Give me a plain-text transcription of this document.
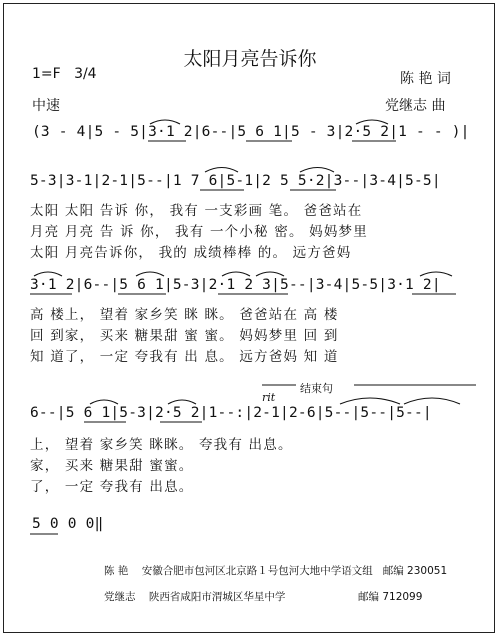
太阳月亮告诉你
1=F 3/4
中速
陈 艳 词
党继志 曲
(3 - 4|5 - 5|3·1 2|6--|5 6 1|5 - 3|2·5 2|1 - - )|
5-3|3-1|2-1|5--|1 7 6|5-1|2 5 5·2|3--|3-4|5-5|
太阳 太阳 告诉 你， 我有 一支彩画 笔。 爸爸站在
月亮 月亮 告 诉 你， 我有 一个小秘 密。 妈妈梦里
太阳 月亮告诉你， 我的 成绩棒棒 的。 远方爸妈
3·1 2|6--|5 6 1|5-3|2·1 2 3|5--|3-4|5-5|3·1 2|
高 楼上， 望着 家乡笑 眯 眯。 爸爸站在 高 楼
回 到家， 买来 糖果甜 蜜 蜜。 妈妈梦里 回 到
知 道了， 一定 夸我有 出 息。 远方爸妈 知 道
rit
结束句
6--|5 6 1|5-3|2·5 2|1--:|2-1|2-6|5--|5--|5--|
上， 望着 家乡笑 眯眯。 夸我有 出息。
家， 买来 糖果甜 蜜蜜。
了， 一定 夸我有 出息。
5 0 0 0‖
陈 艳 安徽合肥市包河区北京路１号包河大地中学语文组 邮编 230051
党继志 陕西省咸阳市渭城区华星中学	邮编 712099
